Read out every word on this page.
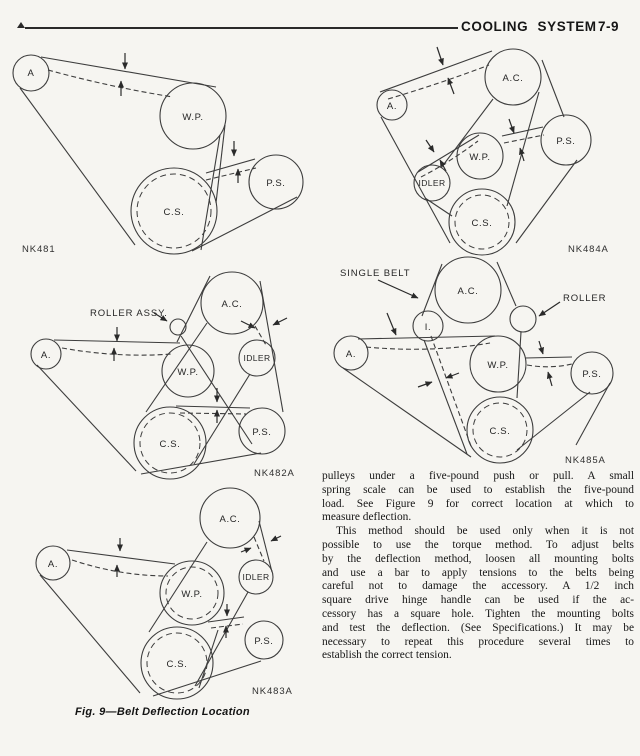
COOLING SYSTEM 7-9
A
W.P.
P.S.
C.S.
NK481
A.
A.C.
P.S.
W.P.
IDLER
C.S.
NK484A
A.
A.C.
IDLER
W.P.
C.S.
P.S.
ROLLER ASSY.
NK482A
A.
I.
A.C.
W.P.
P.S.
C.S.
SINGLE BELT
ROLLER
NK485A
A.
A.C.
IDLER
W.P.
C.S.
P.S.
NK483A
Fig. 9—Belt Deflection Location
pulleys under a five-pound push or pull. A small
spring scale can be used to establish the five-pound
load. See Figure 9 for correct location at which to
measure deflection.
This method should be used only when it is not
possible to use the torque method. To adjust belts
by the deflection method, loosen all mounting bolts
and use a bar to apply tensions to the belts being
careful not to damage the accessory. A 1/2 inch
square drive hinge handle can be used if the ac-
cessory has a square hole. Tighten the mounting bolts
and test the deflection. (See Specifications.) It may be
necessary to repeat this procedure several times to
establish the correct tension.
